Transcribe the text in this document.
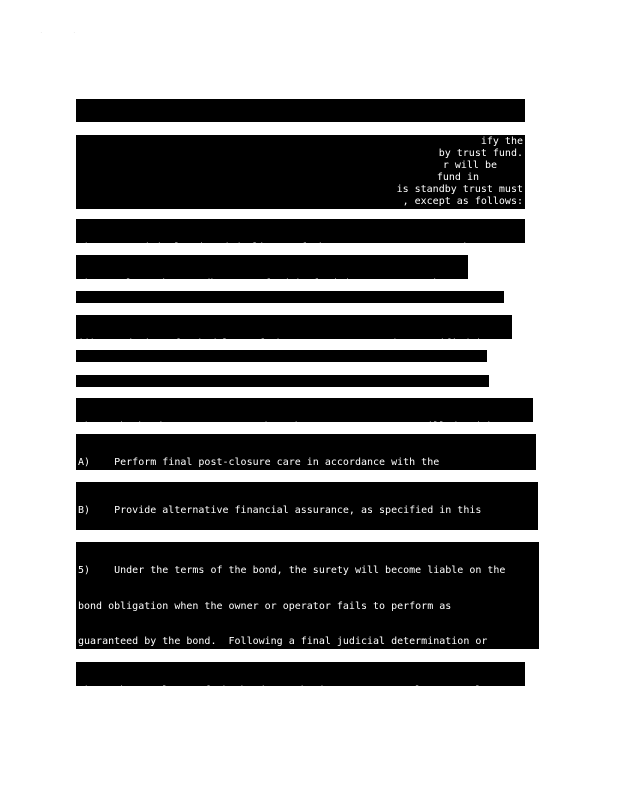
·	·

ify the

by trust fund.

r will be

fund in

is standby trust must

, except as follows:

A)    Perform final post-closure care in accordance with the

B)    Provide alternative financial assurance, as specified in this

5)    Under the terms of the bond, the surety will become liable on the

bond obligation when the owner or operator fails to perform as

guaranteed by the bond.  Following a final judicial determination or
